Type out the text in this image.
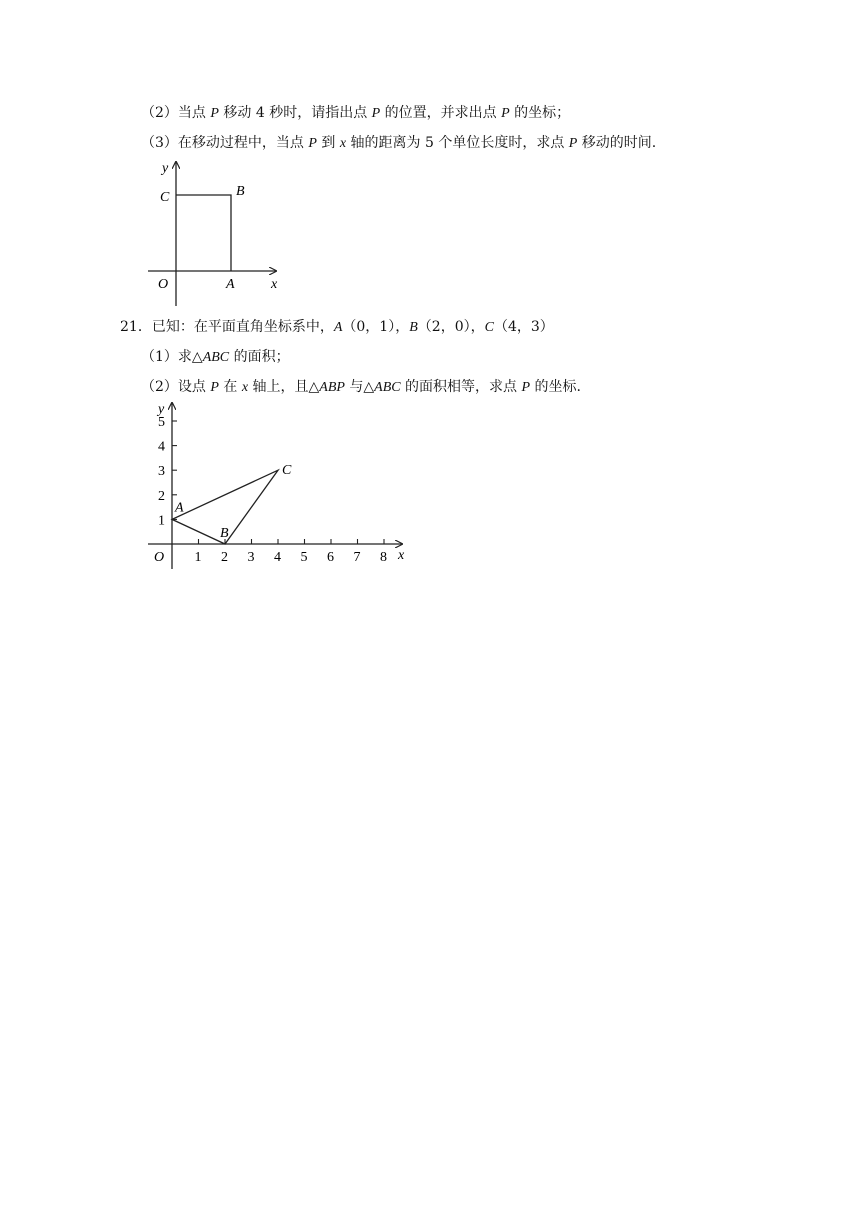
（2）当点 P 移动 4 秒时，请指出点 P 的位置，并求出点 P 的坐标；
（3）在移动过程中，当点 P 到 x 轴的距离为 5 个单位长度时，求点 P 移动的时间.
y
x
C	B
O	A
21．已知：在平面直角坐标系中，A（0，1），B（2，0），C（4，3）
（1）求△ABC 的面积；
（2）设点 P 在 x 轴上，且△ABP 与△ABC 的面积相等，求点 P 的坐标.
1 2 3 4 5 6 7 8
1
2
3
4
5
y
x
O
A
B
C
